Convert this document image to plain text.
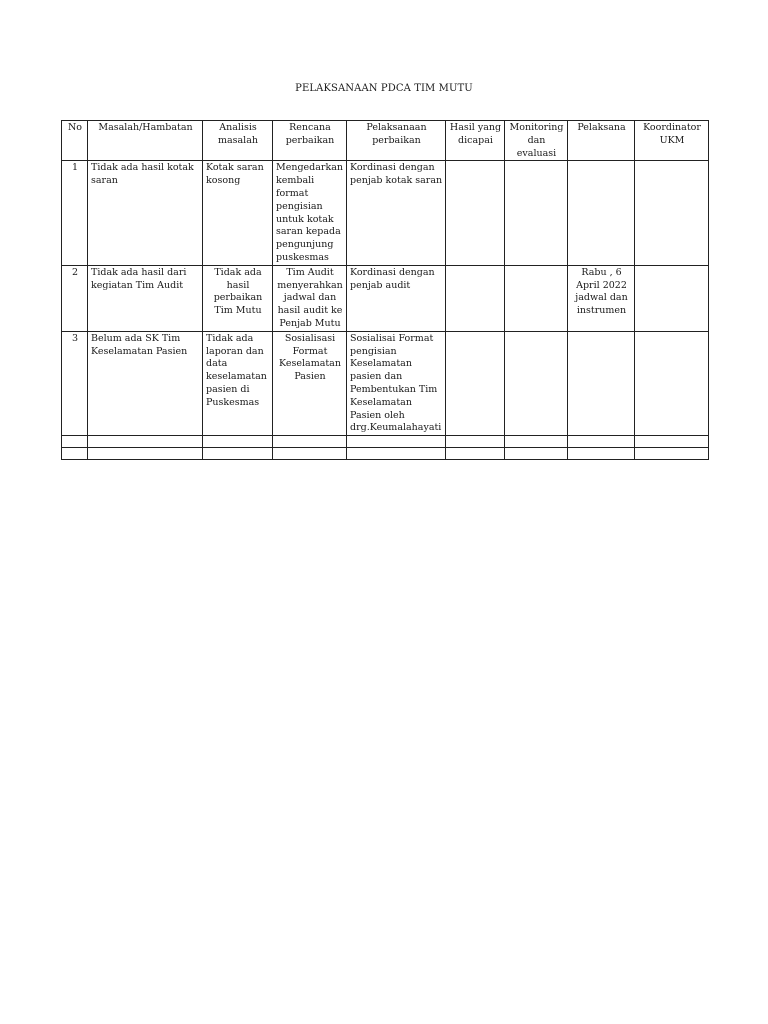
PELAKSANAAN PDCA TIM MUTU
No	Masalah/Hambatan	Analisis masalah	Rencana perbaikan	Pelaksanaan perbaikan	Hasil yang dicapai	Monitoring dan evaluasi	Pelaksana	Koordinator UKM
1	Tidak ada hasil kotak saran	Kotak saran kosong	Mengedarkan kembali format pengisian untuk kotak saran kepada pengunjung puskesmas	Kordinasi dengan penjab kotak saran				
2	Tidak ada hasil dari kegiatan Tim Audit	Tidak ada hasil perbaikan Tim Mutu	Tim Audit menyerahkan jadwal dan hasil audit ke Penjab Mutu	Kordinasi dengan penjab audit			Rabu , 6 April 2022 jadwal dan instrumen	
3	Belum ada SK Tim Keselamatan Pasien	Tidak ada laporan dan data keselamatan pasien di Puskesmas	Sosialisasi Format Keselamatan Pasien	Sosialisai Format pengisian Keselamatan pasien dan Pembentukan Tim Keselamatan Pasien oleh drg.Keumalahayati				
